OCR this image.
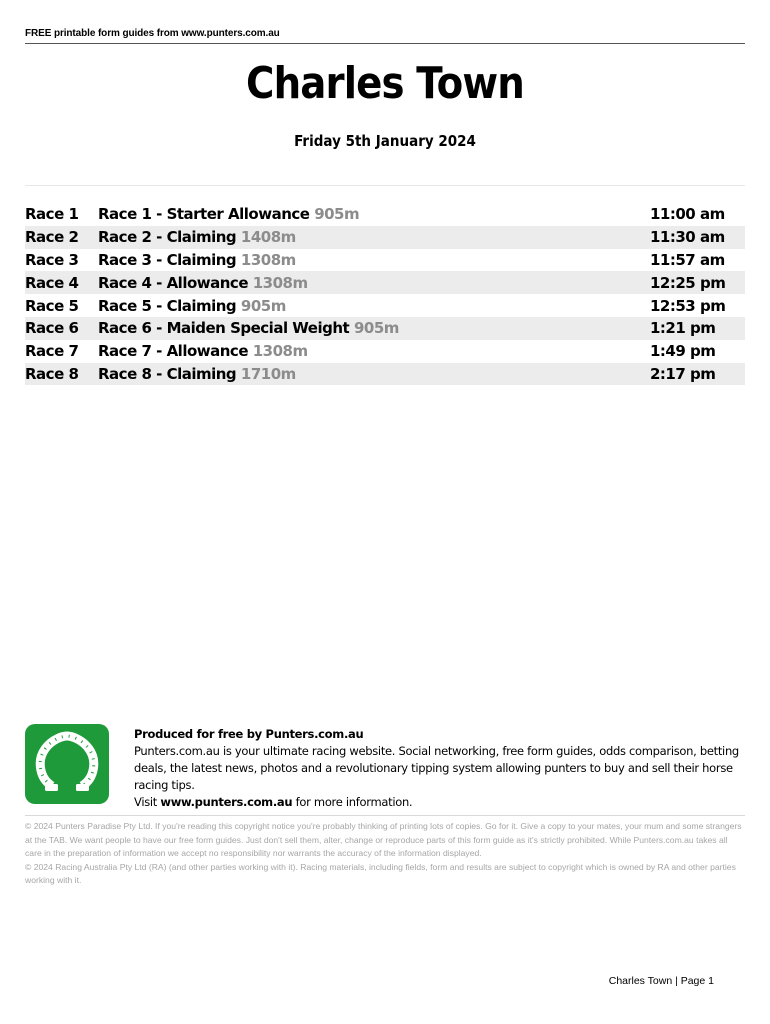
FREE printable form guides from www.punters.com.au
Charles Town
Friday 5th January 2024
Race 1	Race 1 - Starter Allowance 905m	11:00 am
Race 2	Race 2 - Claiming 1408m	11:30 am
Race 3	Race 3 - Claiming 1308m	11:57 am
Race 4	Race 4 - Allowance 1308m	12:25 pm
Race 5	Race 5 - Claiming 905m	12:53 pm
Race 6	Race 6 - Maiden Special Weight 905m	1:21 pm
Race 7	Race 7 - Allowance 1308m	1:49 pm
Race 8	Race 8 - Claiming 1710m	2:17 pm
Produced for free by Punters.com.au
Punters.com.au is your ultimate racing website. Social networking, free form guides, odds comparison, betting deals, the latest news, photos and a revolutionary tipping system allowing punters to buy and sell their horse racing tips.
Visit www.punters.com.au for more information.
© 2024 Punters Paradise Pty Ltd. If you're reading this copyright notice you're probably thinking of printing lots of copies. Go for it. Give a copy to your mates, your mum and some strangers at the TAB. We want people to have our free form guides. Just don't sell them, alter, change or reproduce parts of this form guide as it's strictly prohibited. While Punters.com.au takes all care in the preparation of information we accept no responsibility nor warrants the accuracy of the information displayed.
© 2024 Racing Australia Pty Ltd (RA) (and other parties working with it). Racing materials, including fields, form and results are subject to copyright which is owned by RA and other parties working with it.
Charles Town | Page 1
